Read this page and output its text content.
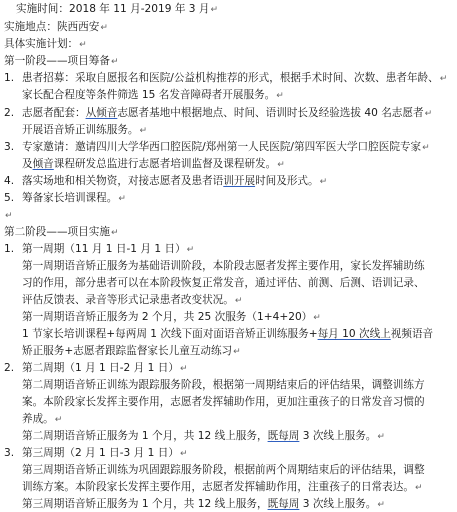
实施时间：2018 年 11 月-2019 年 3 月↵
实施地点：陕西西安↵
具体实施计划：↵
第一阶段——项目筹备↵
1. 患者招募：采取自愿报名和医院/公益机构推荐的形式，根据手术时间、次数、患者年龄、↵
家长配合程度等条件筛选 15 名发音障碍者开展服务。↵
2. 志愿者配套：从倾音志愿者基地中根据地点、时间、语训时长及经验选拔 40 名志愿者↵
开展语音矫正训练服务。↵
3. 专家邀请：邀请四川大学华西口腔医院/郑州第一人民医院/第四军医大学口腔医院专家↵
及倾音课程研发总监进行志愿者培训监督及课程研发。↵
4. 落实场地和相关物资，对接志愿者及患者语训开展时间及形式。↵
5. 筹备家长培训课程。↵
↵
第二阶段——项目实施↵
1. 第一周期（11 月 1 日-1 月 1 日）↵
第一周期语音矫正服务为基础语训阶段，本阶段志愿者发挥主要作用，家长发挥辅助练
习的作用，部分患者可以在本阶段恢复正常发音，通过评估、前测、后测、语训记录、
评估反馈表、录音等形式记录患者改变状况。↵
第一周期语音矫正服务为 2 个月，共 25 次服务（1+4+20）↵
1 节家长培训课程+每两周 1 次线下面对面语音矫正训练服务+每月 10 次线上视频语音
矫正服务+志愿者跟踪监督家长儿童互动练习↵
2. 第二周期（1 月 1 日-2 月 1 日）↵
第二周期语音矫正训练为跟踪服务阶段，根据第一周期结束后的评估结果，调整训练方
案。本阶段家长发挥主要作用，志愿者发挥辅助作用，更加注重孩子的日常发音习惯的
养成。↵
第二周期语音矫正服务为 1 个月，共 12 线上服务，既每周 3 次线上服务。↵
3. 第三周期（2 月 1 日-3 月 1 日）↵
第三周期语音矫正训练为巩固跟踪服务阶段，根据前两个周期结束后的评估结果，调整
训练方案。本阶段家长发挥主要作用，志愿者发挥辅助作用，注重孩子的日常表达。↵
第三周期语音矫正服务为 1 个月，共 12 线上服务，既每周 3 次线上服务。↵
